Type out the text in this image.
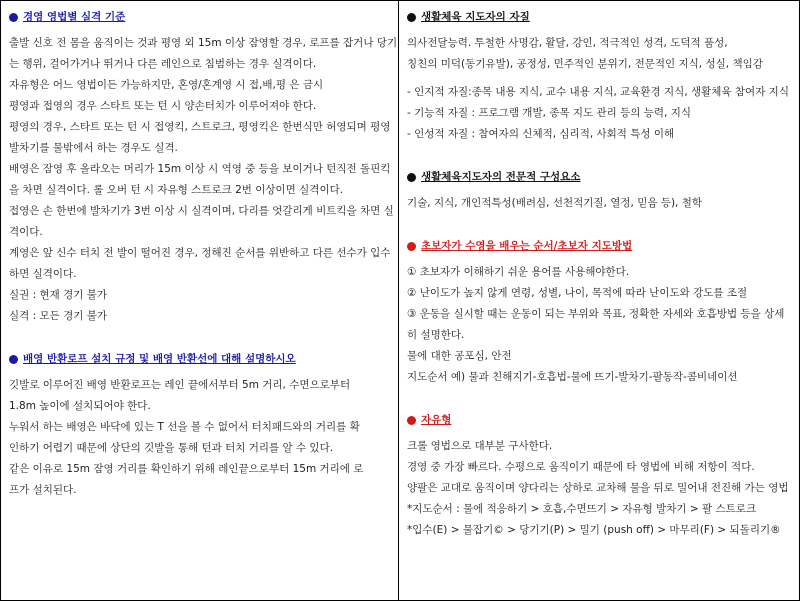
경영 영법별 실격 기준
출발 신호 전 몸을 움직이는 것과 평영 외 15m 이상 잠영할 경우, 로프를 잡거나 당기
는 행위, 걸어가거나 뛰거나 다른 레인으로 침범하는 경우 실격이다.
자유형은 어느 영법이든 가능하지만, 혼영/혼계영 시 접,배,평 은 금시
평영과 접영의 경우 스타트 또는 턴 시 양손터치가 이루어져야 한다.
평영의 경우, 스타트 또는 턴 시 접영킥, 스트로크, 평영킥은 한번식만 허영되며 평영
발차기를 물밖에서 하는 경우도 실격.
배영은 잠영 후 올라오는 머리가 15m 이상 시 역영 중 등을 보이거나 턴직전 돌핀킥
을 차면 실격이다. 롤 오버 턴 시 자유형 스트로크 2번 이상이면 실격이다.
접영은 손 한번에 발차기가 3번 이상 시 실격이며, 다리를 엇갈리게 비트킥을 차면 실
격이다.
계영은 앞 신수 터치 전 발이 떨어진 경우, 정해진 순서를 위반하고 다른 선수가 입수
하면 실격이다.
실권 : 현재 경기 불가
실격 : 모든 경기 불가
배영 반환로프 설치 규정 및 배영 반환선에 대해 설명하시오
깃발로 이루어진 배영 반환로프는 레인 끝에서부터 5m 거리, 수면으로부터
1.8m 높이에 설치되어야 한다.
누워서 하는 배영은 바닥에 있는 T 선을 볼 수 없어서 터치패드와의 거리를 확
인하기 어렵기 때문에 상단의 깃발을 통해 턴과 터치 거리를 알 수 있다.
같은 이유로 15m 잠영 거리를 확인하기 위해 레인끝으로부터 15m 거리에 로
프가 설치된다.
생활체육 지도자의 자질
의사전달능력. 투철한 사명감, 활달, 강인, 적극적인 성격, 도덕적 품성,
칭친의 미덕(동기유발), 공정성, 민주적인 분위기, 전문적인 지식, 성실, 책임감
- 인지적 자질:종목 내용 지식, 교수 내용 지식, 교육환경 지식, 생활체육 참여자 지식
- 기능적 자질 : 프로그램 개발, 종목 지도 관리 등의 능력, 지식
- 인성적 자질 : 참여자의 신체적, 심리적, 사회적 특성 이해
생활체육지도자의 전문적 구성요소
기술, 지식, 개인적특성(배려심, 선천적기질, 열정, 믿음 등), 철학
초보자가 수영을 배우는 순서/초보자 지도방법
① 초보자가 이해하기 쉬운 용어를 사용해야한다.
② 난이도가 높지 않게 연령, 성별, 나이, 목적에 따라 난이도와 강도를 조절
③ 운동을 실시할 때는 운동이 되는 부위와 목표, 정확한 자세와 호흡방법 등을 상세
히 설명한다.
물에 대한 공포심, 안전
지도순서 예) 물과 친해지기-호흡법-물에 뜨기-발차기-팔동작-콤비네이션
자유형
크롤 영법으로 대부분 구사한다.
경영 중 가장 빠르다. 수평으로 움직이기 때문에 타 영법에 비해 저항이 적다.
양팔은 교대로 움직이며 양다리는 상하로 교차해 물을 뒤로 밀어내 전진해 가는 영법
*지도순서 : 물에 적응하기 > 호흡,수면뜨기 > 자유형 발차기 > 팔 스트로크
*입수(E) > 물잡기© > 당기기(P) > 밀기 (push off) > 마무리(F) > 되돌리기®
